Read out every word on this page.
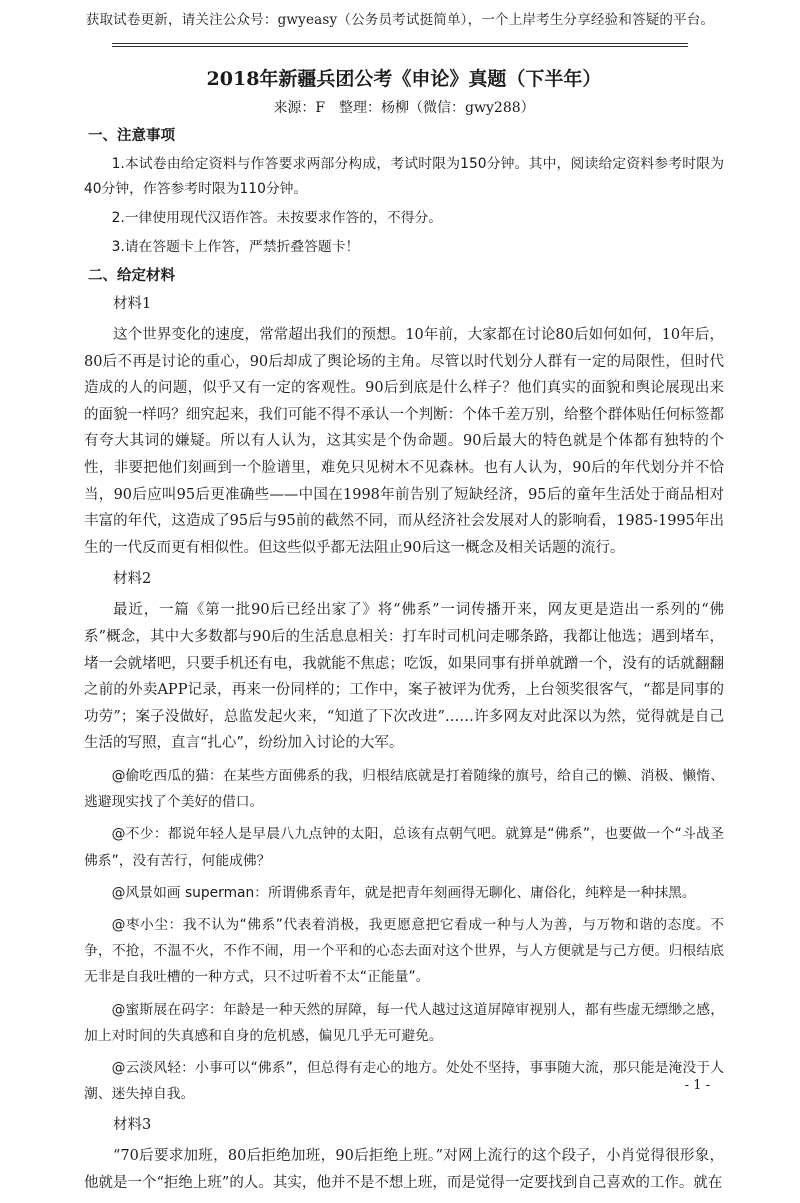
获取试卷更新，请关注公众号：gwyeasy（公务员考试挺简单），一个上岸考生分享经验和答疑的平台。
2018年新疆兵团公考《申论》真题（下半年）
来源：F　整理：杨柳（微信：gwy288）
一、注意事项

1.本试卷由给定资料与作答要求两部分构成，考试时限为150分钟。其中，阅读给定资料参考时限为40分钟，作答参考时限为110分钟。

2.一律使用现代汉语作答。未按要求作答的，不得分。

3.请在答题卡上作答，严禁折叠答题卡！

二、给定材料
材料1

这个世界变化的速度，常常超出我们的预想。10年前，大家都在讨论80后如何如何，10年后，80后不再是讨论的重心，90后却成了舆论场的主角。尽管以时代划分人群有一定的局限性，但时代造成的人的问题，似乎又有一定的客观性。90后到底是什么样子？他们真实的面貌和舆论展现出来的面貌一样吗？细究起来，我们可能不得不承认一个判断：个体千差万别，给整个群体贴任何标签都有夸大其词的嫌疑。所以有人认为，这其实是个伪命题。90后最大的特色就是个体都有独特的个性，非要把他们刻画到一个脸谱里，难免只见树木不见森林。也有人认为，90后的年代划分并不恰当，90后应叫95后更准确些——中国在1998年前告别了短缺经济，95后的童年生活处于商品相对丰富的年代，这造成了95后与95前的截然不同，而从经济社会发展对人的影响看，1985-1995年出生的一代反而更有相似性。但这些似乎都无法阻止90后这一概念及相关话题的流行。

材料2

最近，一篇《第一批90后已经出家了》将“佛系”一词传播开来，网友更是造出一系列的“佛系”概念，其中大多数都与90后的生活息息相关：打车时司机问走哪条路，我都让他选；遇到堵车，堵一会就堵吧，只要手机还有电，我就能不焦虑；吃饭，如果同事有拼单就蹭一个，没有的话就翻翻之前的外卖APP记录，再来一份同样的；工作中，案子被评为优秀，上台领奖很客气，“都是同事的功劳”；案子没做好，总监发起火来，“知道了下次改进”……许多网友对此深以为然，觉得就是自己生活的写照，直言“扎心”，纷纷加入讨论的大军。

@偷吃西瓜的猫：在某些方面佛系的我，归根结底就是打着随缘的旗号，给自己的懒、消极、懒惰、逃避现实找了个美好的借口。

@不少：都说年轻人是早晨八九点钟的太阳，总该有点朝气吧。就算是“佛系”，也要做一个“斗战圣佛系”，没有苦行，何能成佛？

@风景如画 superman：所谓佛系青年，就是把青年刻画得无聊化、庸俗化，纯粹是一种抹黑。

@枣小尘：我不认为“佛系”代表着消极，我更愿意把它看成一种与人为善，与万物和谐的态度。不争，不抢，不温不火，不作不闹，用一个平和的心态去面对这个世界，与人方便就是与己方便。归根结底无非是自我吐槽的一种方式，只不过听着不太“正能量”。

@蜜斯展在码字：年龄是一种天然的屏障，每一代人越过这道屏障审视别人，都有些虚无缥缈之感，加上对时间的失真感和自身的危机感，偏见几乎无可避免。

@云淡风轻：小事可以“佛系”，但总得有走心的地方。处处不坚持，事事随大流，那只能是淹没于人潮、迷失掉自我。

材料3

“70后要求加班，80后拒绝加班，90后拒绝上班。”对网上流行的这个段子，小肖觉得很形象，他就是一个“拒绝上班”的人。其实，他并不是不想上班，而是觉得一定要找到自己喜欢的工作。就在

- 1 -
